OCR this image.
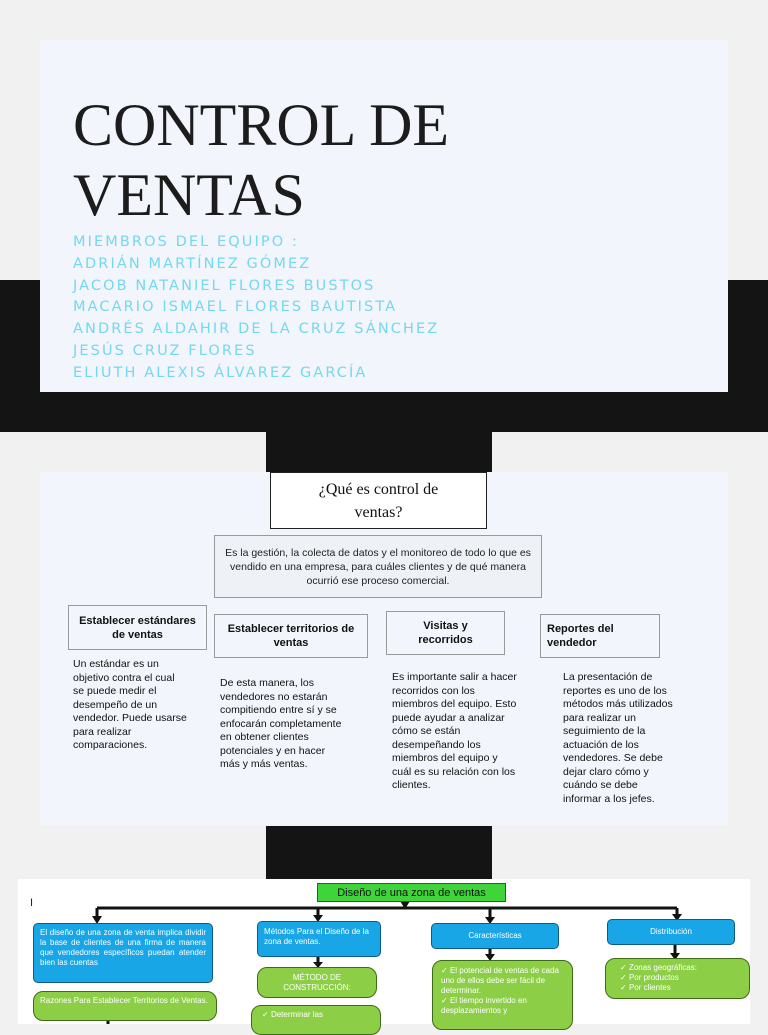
CONTROL DE

VENTAS

MIEMBROS DEL EQUIPO :
ADRIÁN MARTÍNEZ GÓMEZ
JACOB NATANIEL FLORES BUSTOS
MACARIO ISMAEL FLORES BAUTISTA
ANDRÉS ALDAHIR DE LA CRUZ SÁNCHEZ
JESÚS CRUZ FLORES
ELIUTH ALEXIS ÁLVAREZ GARCÍA
¿Qué es control de ventas?
Es la gestión, la colecta de datos y el monitoreo de todo lo que es vendido en una empresa, para cuáles clientes y de qué manera ocurrió ese proceso comercial.
Establecer estándares de ventas	Establecer territorios de ventas
Visitas y recorridos
Reportes del vendedor
Un estándar es un objetivo contra el cual se puede medir el desempeño de un vendedor. Puede usarse para realizar comparaciones.
De esta manera, los vendedores no estarán compitiendo entre sí y se enfocarán completamente en obtener clientes potenciales y en hacer más y más ventas.
Es importante salir a hacer recorridos con los miembros del equipo. Esto puede ayudar a analizar cómo se están desempeñando los miembros del equipo y cuál es su relación con los clientes.
La presentación de reportes es uno de los métodos más utilizados para realizar un seguimiento de la actuación de los vendedores. Se debe dejar claro cómo y cuándo se debe informar a los jefes.
I
Diseño de una zona de ventas
El diseño de una zona de venta implica dividir la base de clientes de una firma de manera que vendedores específicos puedan atender bien las cuentas
Razones Para Establecer Territorios de Ventas.
Métodos Para el Diseño de la zona de ventas.
MÉTODO DE CONSTRUCCIÓN:
✓ Determinar las
Características
✓ El potencial de ventas de cada uno de ellos debe ser fácil de determinar.
✓ El tiempo invertido en desplazamientos y
Distribución
✓ Zonas geográficas:
✓ Por productos
✓ Por clientes
